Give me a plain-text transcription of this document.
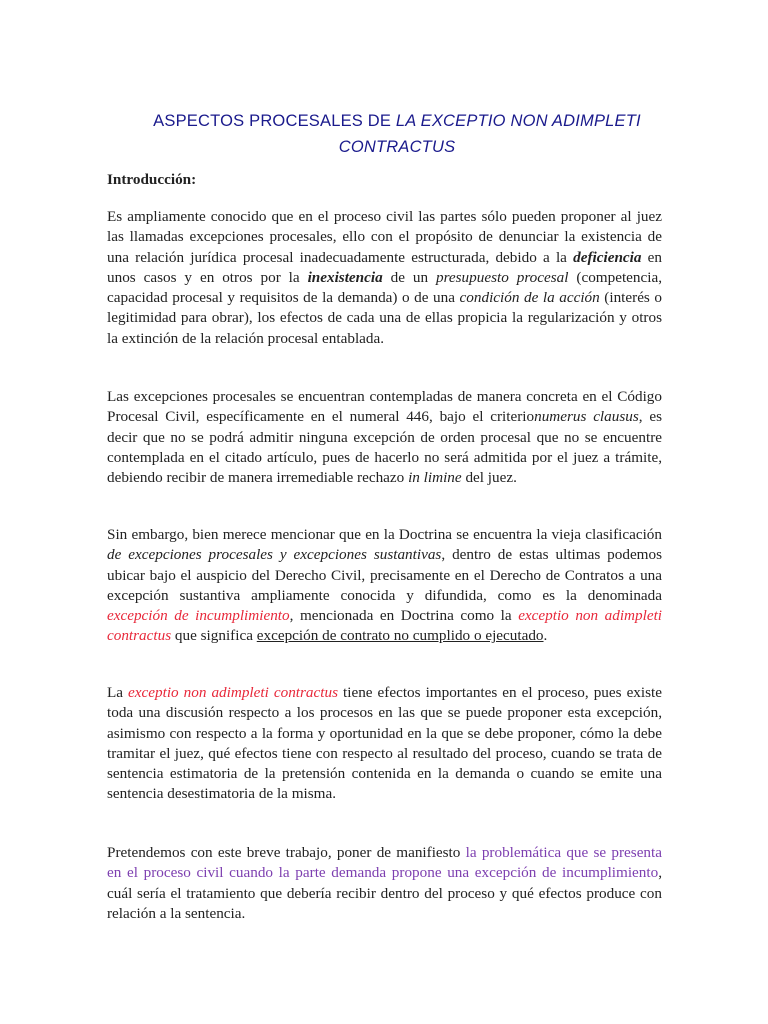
ASPECTOS PROCESALES DE LA EXCEPTIO NON ADIMPLETI CONTRACTUS
Introducción:

Es ampliamente conocido que en el proceso civil las partes sólo pueden proponer al juez las llamadas excepciones procesales, ello con el propósito de denunciar la existencia de una relación jurídica procesal inadecuadamente estructurada, debido a la deficiencia en unos casos y en otros por la inexistencia de un presupuesto procesal (competencia, capacidad procesal y requisitos de la demanda) o de una condición de la acción (interés o legitimidad para obrar), los efectos de cada una de ellas propicia la regularización y otros la extinción de la relación procesal entablada.

Las excepciones procesales se encuentran contempladas de manera concreta en el Código Procesal Civil, específicamente en el numeral 446, bajo el criterionumerus clausus, es decir que no se podrá admitir ninguna excepción de orden procesal que no se encuentre contemplada en el citado artículo, pues de hacerlo no será admitida por el juez a trámite, debiendo recibir de manera irremediable rechazo in limine del juez.

Sin embargo, bien merece mencionar que en la Doctrina se encuentra la vieja clasificación de excepciones procesales y excepciones sustantivas, dentro de estas ultimas podemos ubicar bajo el auspicio del Derecho Civil, precisamente en el Derecho de Contratos a una excepción sustantiva ampliamente conocida y difundida, como es la denominada excepción de incumplimiento, mencionada en Doctrina como la exceptio non adimpleti contractus que significa excepción de contrato no cumplido o ejecutado.

La exceptio non adimpleti contractus tiene efectos importantes en el proceso, pues existe toda una discusión respecto a los procesos en las que se puede proponer esta excepción, asimismo con respecto a la forma y oportunidad en la que se debe proponer, cómo la debe tramitar el juez, qué efectos tiene con respecto al resultado del proceso, cuando se trata de sentencia estimatoria de la pretensión contenida en la demanda o cuando se emite una sentencia desestimatoria de la misma.

Pretendemos con este breve trabajo, poner de manifiesto la problemática que se presenta en el proceso civil cuando la parte demanda propone una excepción de incumplimiento, cuál sería el tratamiento que debería recibir dentro del proceso y qué efectos produce con relación a la sentencia.
